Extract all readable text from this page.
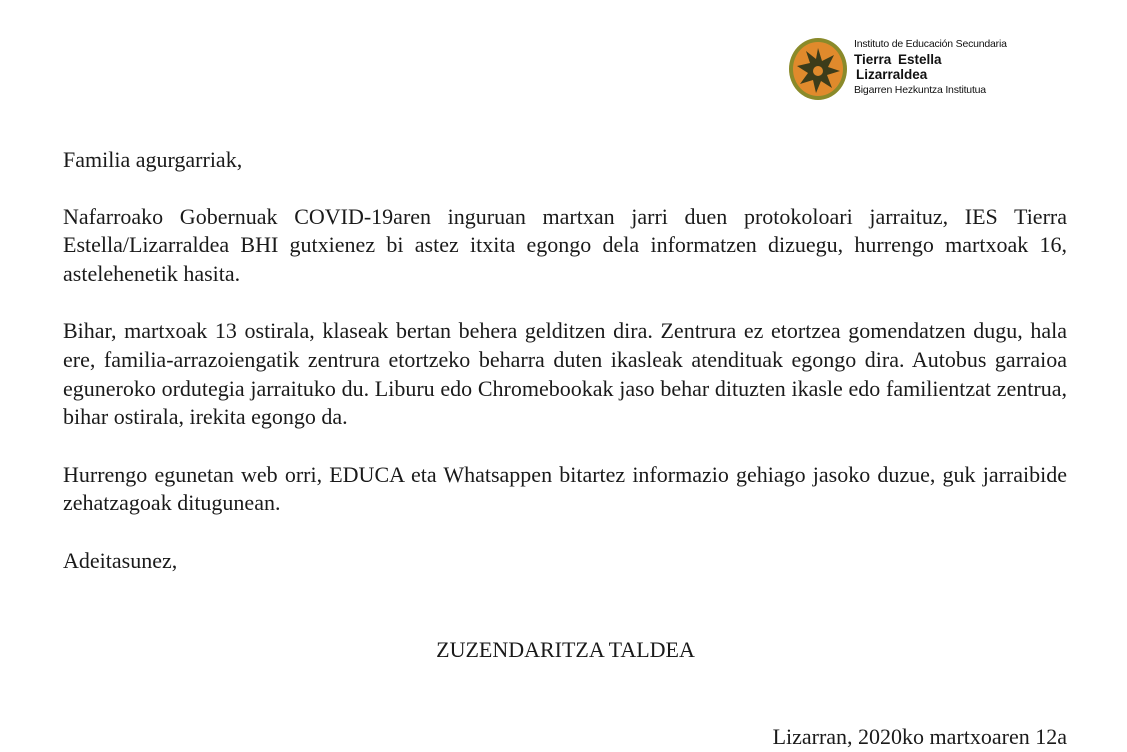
Instituto de Educación Secundaria
Tierra Estella
Lizarraldea
Bigarren Hezkuntza Institutua

Familia agurgarriak,

Nafarroako Gobernuak COVID-19aren inguruan martxan jarri duen protokoloari jarraituz, IES Tierra Estella/Lizarraldea BHI gutxienez bi astez itxita egongo dela informatzen dizuegu, hurrengo martxoak 16, astelehenetik hasita.

Bihar, martxoak 13 ostirala, klaseak bertan behera gelditzen dira. Zentrura ez etortzea gomendatzen dugu, hala ere, familia-arrazoiengatik zentrura etortzeko beharra duten ikasleak atendituak egongo dira. Autobus garraioa eguneroko ordutegia jarraituko du. Liburu edo Chromebookak jaso behar dituzten ikasle edo familientzat zentrua, bihar ostirala, irekita egongo da.

Hurrengo egunetan web orri, EDUCA eta Whatsappen bitartez informazio gehiago jasoko duzue, guk jarraibide zehatzagoak ditugunean.

Adeitasunez,

ZUZENDARITZA TALDEA
Lizarran, 2020ko martxoaren 12a
